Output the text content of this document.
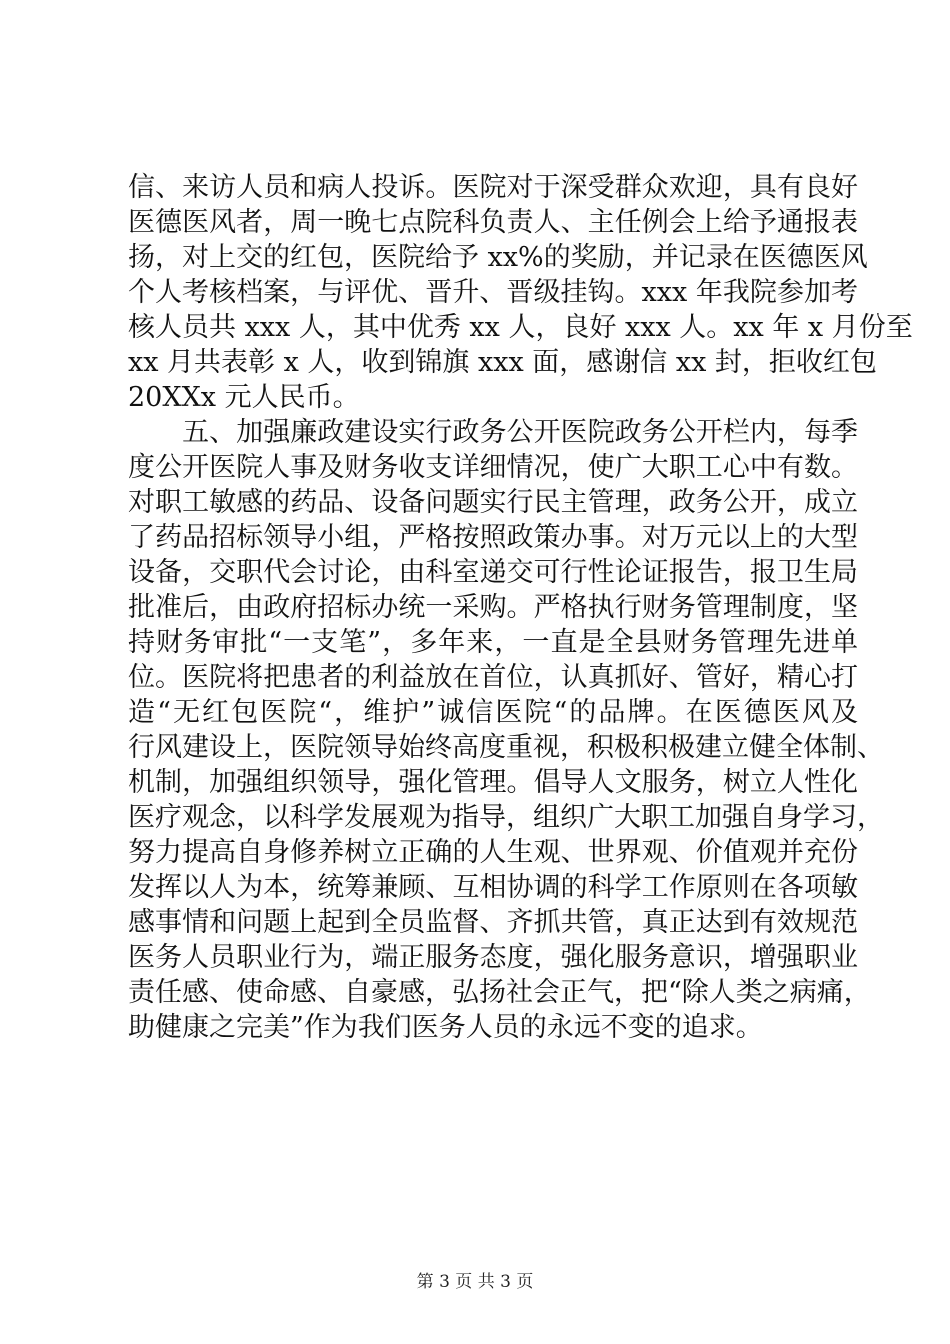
信、来访人员和病人投诉。医院对于深受群众欢迎，具有良好
医德医风者，周一晚七点院科负责人、主任例会上给予通报表
扬，对上交的红包，医院给予 xx%的奖励，并记录在医德医风
个人考核档案，与评优、晋升、晋级挂钩。xxx 年我院参加考
核人员共 xxx 人，其中优秀 xx 人，良好 xxx 人。xx 年 x 月份至
xx 月共表彰 x 人，收到锦旗 xxx 面，感谢信 xx 封，拒收红包
20XXx 元人民币。
　　五、加强廉政建设实行政务公开医院政务公开栏内，每季
度公开医院人事及财务收支详细情况，使广大职工心中有数。
对职工敏感的药品、设备问题实行民主管理，政务公开，成立
了药品招标领导小组，严格按照政策办事。对万元以上的大型
设备，交职代会讨论，由科室递交可行性论证报告，报卫生局
批准后，由政府招标办统一采购。严格执行财务管理制度，坚
持财务审批“一支笔”，多年来，一直是全县财务管理先进单
位。医院将把患者的利益放在首位，认真抓好、管好，精心打
造“无红包医院“，维护”诚信医院“的品牌。在医德医风及
行风建设上，医院领导始终高度重视，积极积极建立健全体制、
机制，加强组织领导，强化管理。倡导人文服务，树立人性化
医疗观念，以科学发展观为指导，组织广大职工加强自身学习，
努力提高自身修养树立正确的人生观、世界观、价值观并充份
发挥以人为本，统筹兼顾、互相协调的科学工作原则在各项敏
感事情和问题上起到全员监督、齐抓共管，真正达到有效规范
医务人员职业行为，端正服务态度，强化服务意识，增强职业
责任感、使命感、自豪感，弘扬社会正气，把“除人类之病痛，
助健康之完美”作为我们医务人员的永远不变的追求。
第 3 页 共 3 页
